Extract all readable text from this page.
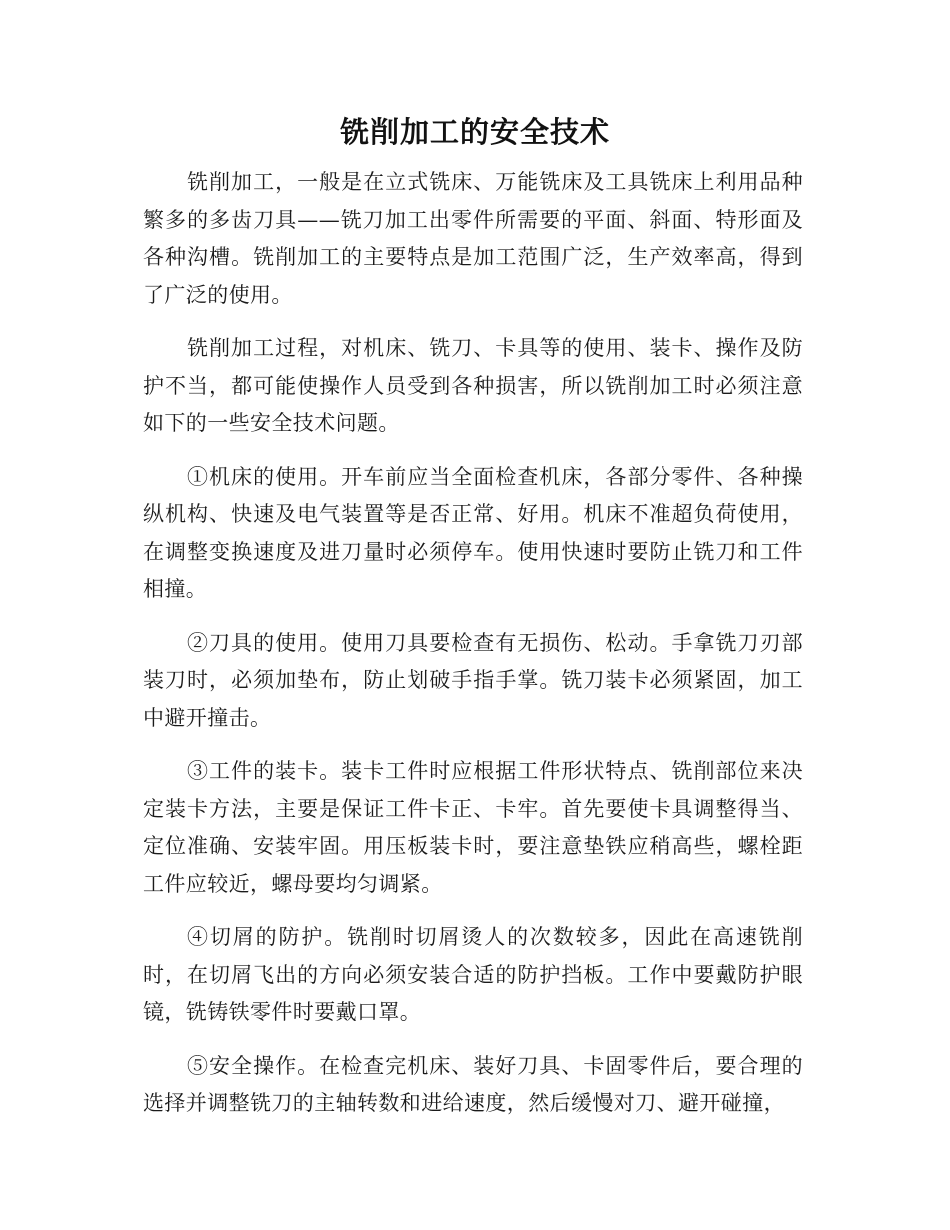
铣削加工的安全技术

铣削加工，一般是在立式铣床、万能铣床及工具铣床上利用品种繁多的多齿刀具——铣刀加工出零件所需要的平面、斜面、特形面及各种沟槽。铣削加工的主要特点是加工范围广泛，生产效率高，得到了广泛的使用。

铣削加工过程，对机床、铣刀、卡具等的使用、装卡、操作及防护不当，都可能使操作人员受到各种损害，所以铣削加工时必须注意如下的一些安全技术问题。

①机床的使用。开车前应当全面检查机床，各部分零件、各种操纵机构、快速及电气装置等是否正常、好用。机床不准超负荷使用，在调整变换速度及进刀量时必须停车。使用快速时要防止铣刀和工件相撞。

②刀具的使用。使用刀具要检查有无损伤、松动。手拿铣刀刃部装刀时，必须加垫布，防止划破手指手掌。铣刀装卡必须紧固，加工中避开撞击。

③工件的装卡。装卡工件时应根据工件形状特点、铣削部位来决定装卡方法，主要是保证工件卡正、卡牢。首先要使卡具调整得当、定位准确、安装牢固。用压板装卡时，要注意垫铁应稍高些，螺栓距工件应较近，螺母要均匀调紧。

④切屑的防护。铣削时切屑烫人的次数较多，因此在高速铣削时，在切屑飞出的方向必须安装合适的防护挡板。工作中要戴防护眼镜，铣铸铁零件时要戴口罩。

⑤安全操作。在检查完机床、装好刀具、卡固零件后，要合理的选择并调整铣刀的主轴转数和进给速度，然后缓慢对刀、避开碰撞，
